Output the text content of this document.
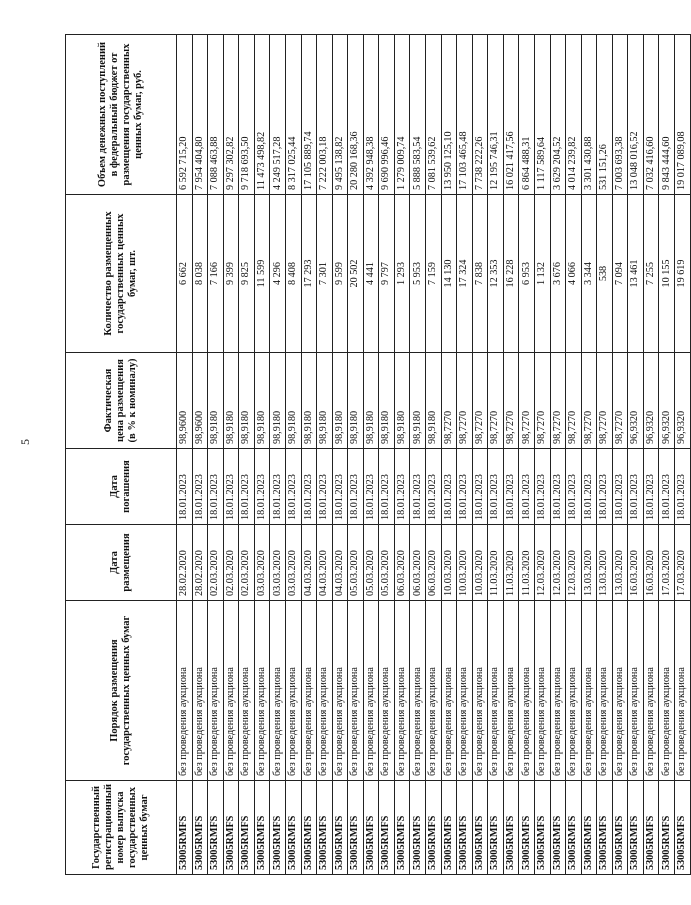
5
Государственный регистрационный номер выпуска государственных ценных бумаг	Порядок размещения государственных ценных бумаг	Дата размещения	Дата погашения	Фактическая цена размещения (в % к номиналу)	Количество размещенных государственных ценных бумаг, шт.	Объем денежных поступлений в федеральный бюджет от размещения государственных ценных бумаг, руб.
53005RMFS	без проведения аукциона	28.02.2020	18.01.2023	98,9600	6 662	6 592 715,20
53005RMFS	без проведения аукциона	28.02.2020	18.01.2023	98,9600	8 038	7 954 404,80
53005RMFS	без проведения аукциона	02.03.2020	18.01.2023	98,9180	7 166	7 088 463,88
53005RMFS	без проведения аукциона	02.03.2020	18.01.2023	98,9180	9 399	9 297 302,82
53005RMFS	без проведения аукциона	02.03.2020	18.01.2023	98,9180	9 825	9 718 693,50
53005RMFS	без проведения аукциона	03.03.2020	18.01.2023	98,9180	11 599	11 473 498,82
53005RMFS	без проведения аукциона	03.03.2020	18.01.2023	98,9180	4 296	4 249 517,28
53005RMFS	без проведения аукциона	03.03.2020	18.01.2023	98,9180	8 408	8 317 025,44
53005RMFS	без проведения аукциона	04.03.2020	18.01.2023	98,9180	17 293	17 105 889,74
53005RMFS	без проведения аукциона	04.03.2020	18.01.2023	98,9180	7 301	7 222 003,18
53005RMFS	без проведения аукциона	04.03.2020	18.01.2023	98,9180	9 599	9 495 138,82
53005RMFS	без проведения аукциона	05.03.2020	18.01.2023	98,9180	20 502	20 280 168,36
53005RMFS	без проведения аукциона	05.03.2020	18.01.2023	98,9180	4 441	4 392 948,38
53005RMFS	без проведения аукциона	05.03.2020	18.01.2023	98,9180	9 797	9 690 996,46
53005RMFS	без проведения аукциона	06.03.2020	18.01.2023	98,9180	1 293	1 279 009,74
53005RMFS	без проведения аукциона	06.03.2020	18.01.2023	98,9180	5 953	5 888 583,54
53005RMFS	без проведения аукциона	06.03.2020	18.01.2023	98,9180	7 159	7 081 539,62
53005RMFS	без проведения аукциона	10.03.2020	18.01.2023	98,7270	14 130	13 950 125,10
53005RMFS	без проведения аукциона	10.03.2020	18.01.2023	98,7270	17 324	17 103 465,48
53005RMFS	без проведения аукциона	10.03.2020	18.01.2023	98,7270	7 838	7 738 222,26
53005RMFS	без проведения аукциона	11.03.2020	18.01.2023	98,7270	12 353	12 195 746,31
53005RMFS	без проведения аукциона	11.03.2020	18.01.2023	98,7270	16 228	16 021 417,56
53005RMFS	без проведения аукциона	11.03.2020	18.01.2023	98,7270	6 953	6 864 488,31
53005RMFS	без проведения аукциона	12.03.2020	18.01.2023	98,7270	1 132	1 117 589,64
53005RMFS	без проведения аукциона	12.03.2020	18.01.2023	98,7270	3 676	3 629 204,52
53005RMFS	без проведения аукциона	12.03.2020	18.01.2023	98,7270	4 066	4 014 239,82
53005RMFS	без проведения аукциона	13.03.2020	18.01.2023	98,7270	3 344	3 301 430,88
53005RMFS	без проведения аукциона	13.03.2020	18.01.2023	98,7270	538	531 151,26
53005RMFS	без проведения аукциона	13.03.2020	18.01.2023	98,7270	7 094	7 003 693,38
53005RMFS	без проведения аукциона	16.03.2020	18.01.2023	96,9320	13 461	13 048 016,52
53005RMFS	без проведения аукциона	16.03.2020	18.01.2023	96,9320	7 255	7 032 416,60
53005RMFS	без проведения аукциона	17.03.2020	18.01.2023	96,9320	10 155	9 843 444,60
53005RMFS	без проведения аукциона	17.03.2020	18.01.2023	96,9320	19 619	19 017 089,08
